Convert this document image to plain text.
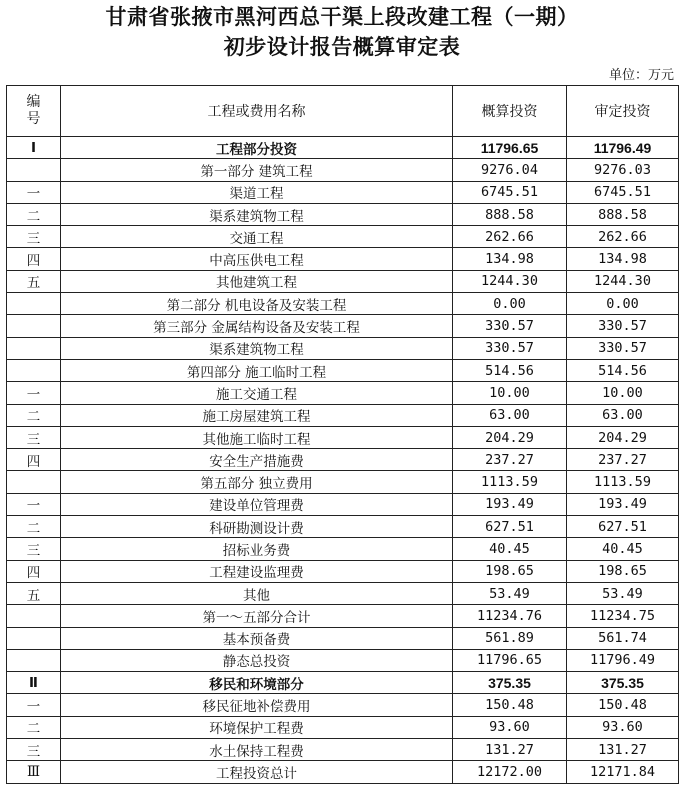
甘肃省张掖市黑河西总干渠上段改建工程（一期）
初步设计报告概算审定表
单位：万元
编
号	工程或费用名称	概算投资	审定投资
Ⅰ	工程部分投资	11796.65	11796.49
	第一部分 建筑工程	9276.04	9276.03
一	渠道工程	6745.51	6745.51
二	渠系建筑物工程	888.58	888.58
三	交通工程	262.66	262.66
四	中高压供电工程	134.98	134.98
五	其他建筑工程	1244.30	1244.30
	第二部分 机电设备及安装工程	0.00	0.00
	第三部分 金属结构设备及安装工程	330.57	330.57
	渠系建筑物工程	330.57	330.57
	第四部分 施工临时工程	514.56	514.56
一	施工交通工程	10.00	10.00
二	施工房屋建筑工程	63.00	63.00
三	其他施工临时工程	204.29	204.29
四	安全生产措施费	237.27	237.27
	第五部分 独立费用	1113.59	1113.59
一	建设单位管理费	193.49	193.49
二	科研勘测设计费	627.51	627.51
三	招标业务费	40.45	40.45
四	工程建设监理费	198.65	198.65
五	其他	53.49	53.49
	第一～五部分合计	11234.76	11234.75
	基本预备费	561.89	561.74
	静态总投资	11796.65	11796.49
Ⅱ	移民和环境部分	375.35	375.35
一	移民征地补偿费用	150.48	150.48
二	环境保护工程费	93.60	93.60
三	水土保持工程费	131.27	131.27
Ⅲ	工程投资总计	12172.00	12171.84
